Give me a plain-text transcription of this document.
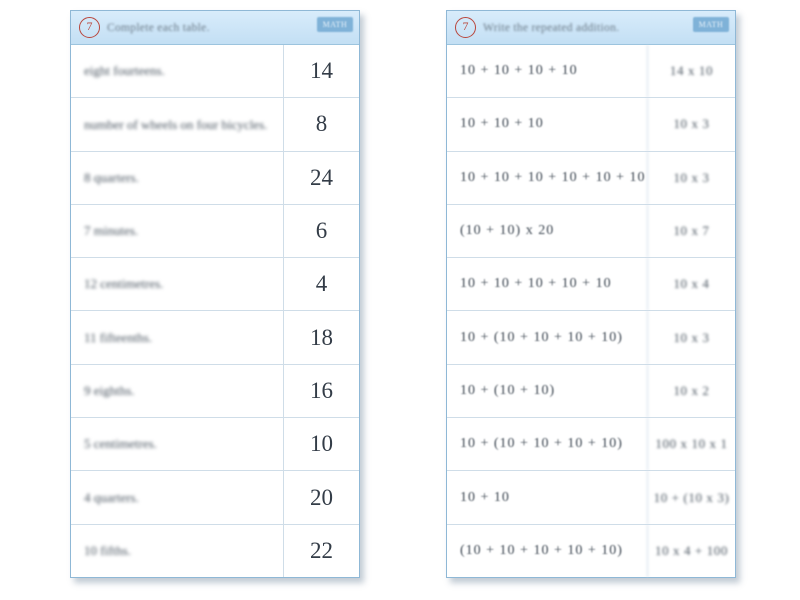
7	Complete each table.	MATH
eight fourteens.	14
number of wheels on four bicycles.	8
8 quarters.	24
7 minutes.	6
12 centimetres.	4
11 fifteenths.	18
9 eighths.	16
5 centimetres.	10
4 quarters.	20
10 fifths.	22
7	Write the repeated addition.	MATH
10 + 10 + 10 + 10	14 x 10
10 + 10 + 10	10 x 3
10 + 10 + 10 + 10 + 10 + 10	10 x 3
(10 + 10) x 20	10 x 7
10 + 10 + 10 + 10 + 10	10 x 4
10 + (10 + 10 + 10 + 10)	10 x 3
10 + (10 + 10)	10 x 2
10 + (10 + 10 + 10 + 10)	100 x 10 x 1
10 + 10	10 + (10 x 3)
(10 + 10 + 10 + 10 + 10)	10 x 4 + 100
